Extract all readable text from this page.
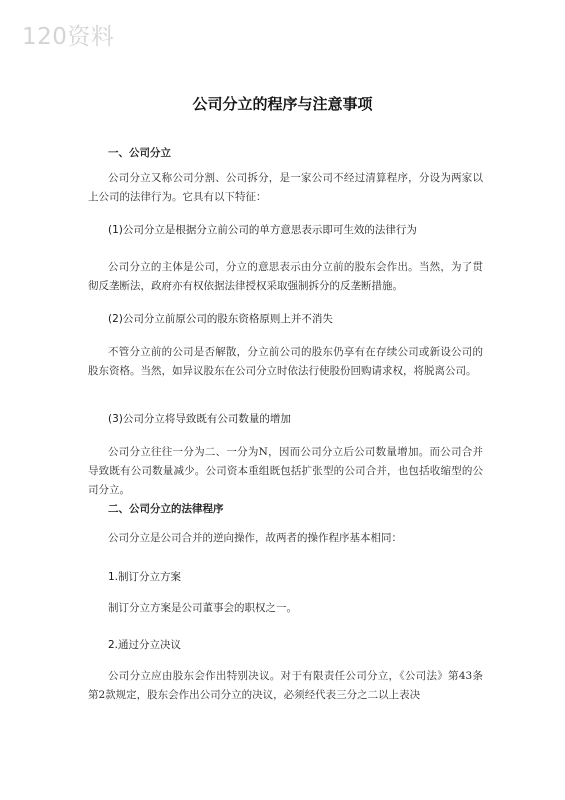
120资料
公司分立的程序与注意事项
一、公司分立
公司分立又称公司分割、公司拆分，是一家公司不经过清算程序，分设为两家以上公司的法律行为。它具有以下特征：
(1)公司分立是根据分立前公司的单方意思表示即可生效的法律行为
公司分立的主体是公司，分立的意思表示由分立前的股东会作出。当然，为了贯彻反垄断法，政府亦有权依据法律授权采取强制拆分的反垄断措施。
(2)公司分立前原公司的股东资格原则上并不消失
不管分立前的公司是否解散，分立前公司的股东仍享有在存续公司或新设公司的股东资格。当然，如异议股东在公司分立时依法行使股份回购请求权，将脱离公司。
(3)公司分立将导致既有公司数量的增加
公司分立往往一分为二、一分为N，因而公司分立后公司数量增加。而公司合并导致既有公司数量减少。公司资本重组既包括扩张型的公司合并，也包括收缩型的公司分立。
二、公司分立的法律程序
公司分立是公司合并的逆向操作，故两者的操作程序基本相同：
1.制订分立方案
制订分立方案是公司董事会的职权之一。
2.通过分立决议
公司分立应由股东会作出特别决议。对于有限责任公司分立，《公司法》第43条第2款规定，股东会作出公司分立的决议，必须经代表三分之二以上表决
